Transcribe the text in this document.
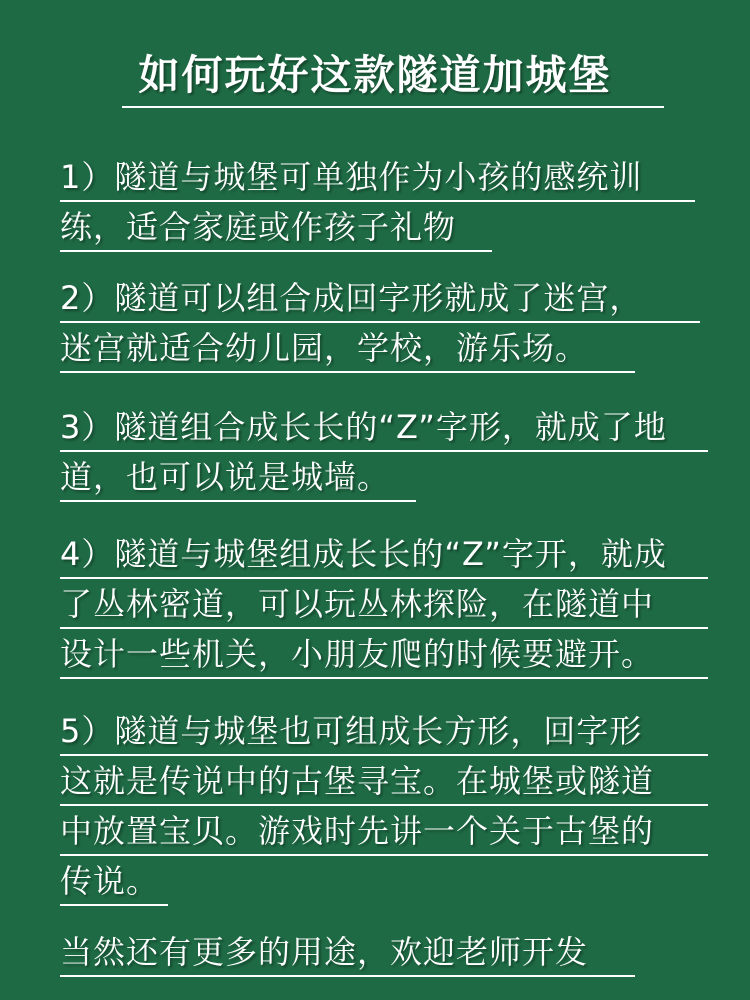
如何玩好这款隧道加城堡
1）隧道与城堡可单独作为小孩的感统训
练，适合家庭或作孩子礼物
2）隧道可以组合成回字形就成了迷宫，
迷宫就适合幼儿园，学校，游乐场。
3）隧道组合成长长的“Z”字形，就成了地
道，也可以说是城墙。
4）隧道与城堡组成长长的“Z”字开，就成
了丛林密道，可以玩丛林探险，在隧道中
设计一些机关，小朋友爬的时候要避开。
5）隧道与城堡也可组成长方形，回字形
这就是传说中的古堡寻宝。在城堡或隧道
中放置宝贝。游戏时先讲一个关于古堡的
传说。
当然还有更多的用途，欢迎老师开发
